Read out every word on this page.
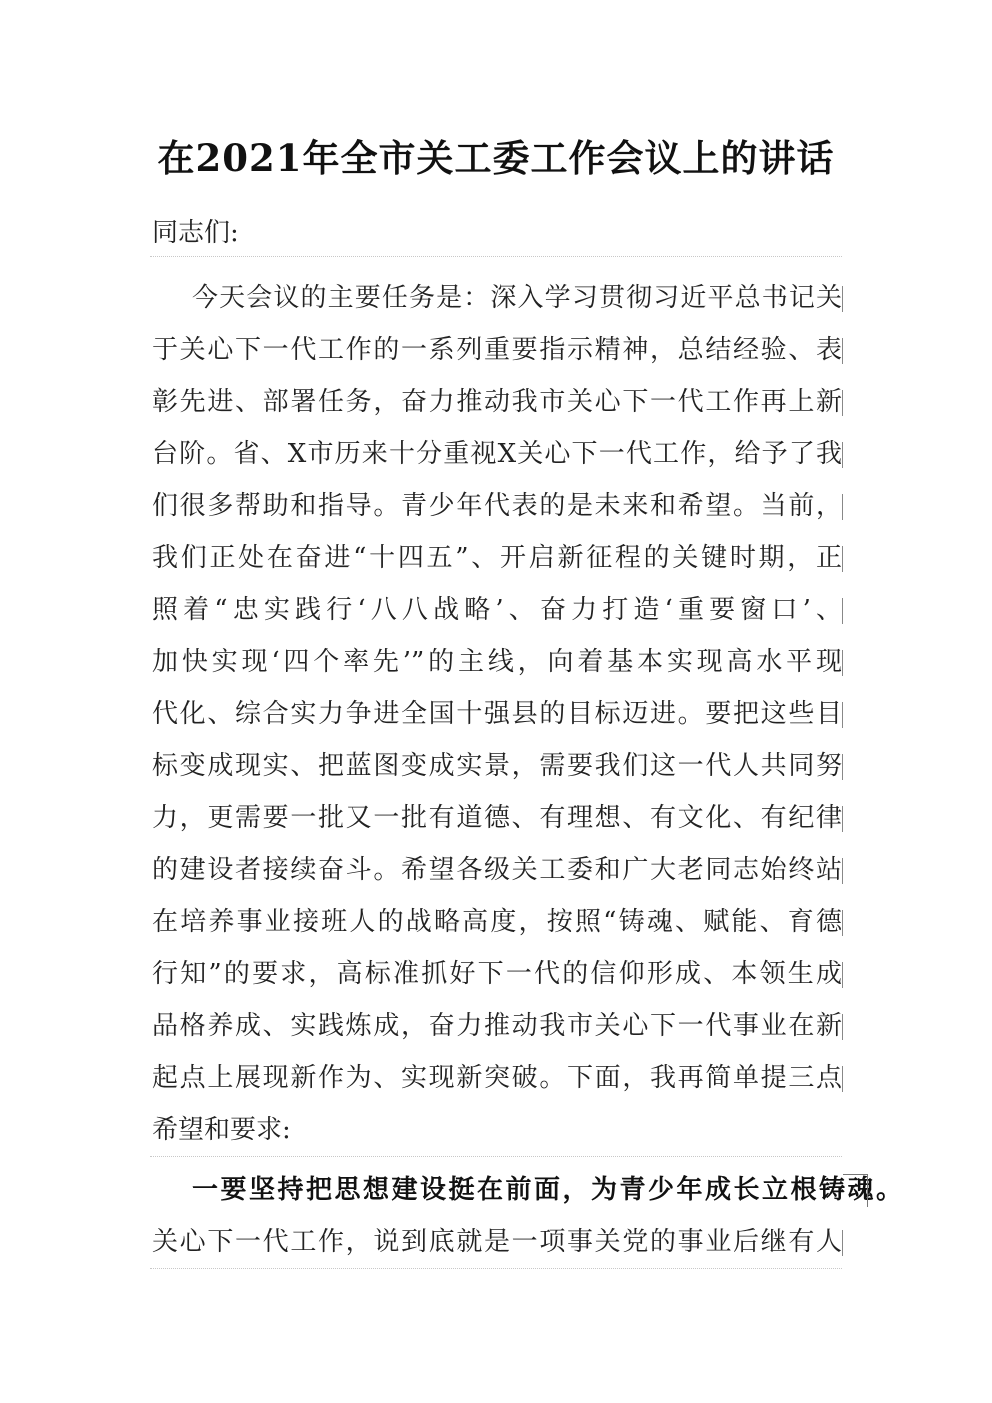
在2021年全市关工委工作会议上的讲话
同志们:
今天会议的主要任务是：深入学习贯彻习近平总书记关
于关心下一代工作的一系列重要指示精神，总结经验、表
彰先进、部署任务，奋力推动我市关心下一代工作再上新
台阶。省、X市历来十分重视X关心下一代工作，给予了我
们很多帮助和指导。青少年代表的是未来和希望。当前，
我们正处在奋进“十四五”、开启新征程的关键时期，正
照着“忠实践行‘八八战略’、奋力打造‘重要窗口’、
加快实现‘四个率先’”的主线，向着基本实现高水平现
代化、综合实力争进全国十强县的目标迈进。要把这些目
标变成现实、把蓝图变成实景，需要我们这一代人共同努
力，更需要一批又一批有道德、有理想、有文化、有纪律
的建设者接续奋斗。希望各级关工委和广大老同志始终站
在培养事业接班人的战略高度，按照“铸魂、赋能、育德
行知”的要求，高标准抓好下一代的信仰形成、本领生成
品格养成、实践炼成，奋力推动我市关心下一代事业在新
起点上展现新作为、实现新突破。下面，我再简单提三点
希望和要求:
一要坚持把思想建设挺在前面，为青少年成长立根铸魂。
关心下一代工作，说到底就是一项事关党的事业后继有人
